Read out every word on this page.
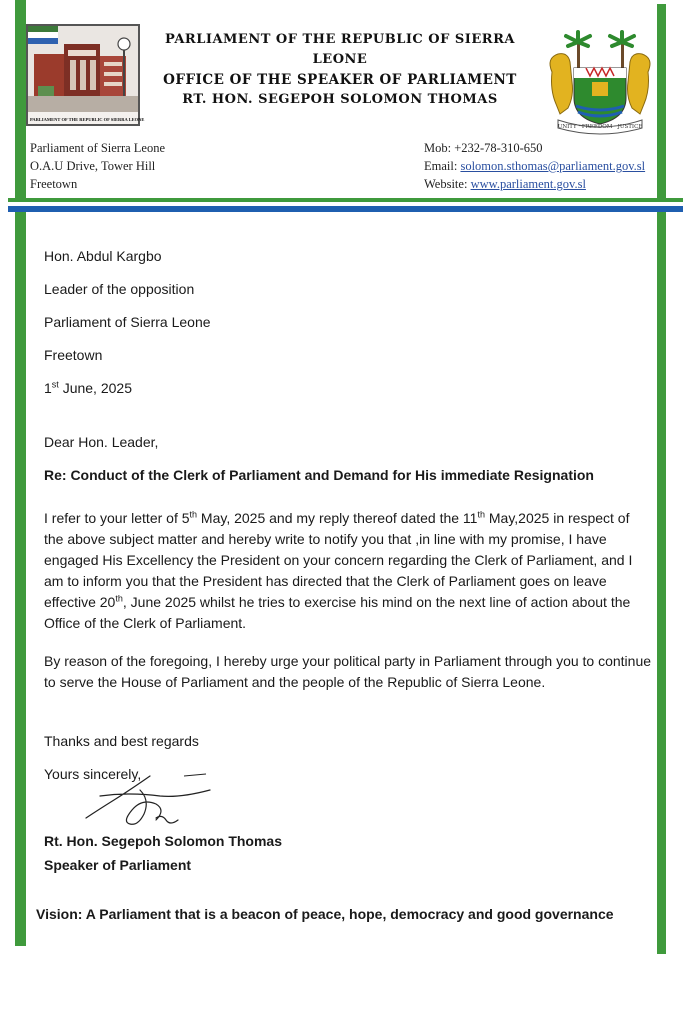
PARLIAMENT OF THE REPUBLIC OF SIERRA LEONE
PARLIAMENT OF THE REPUBLIC OF SIERRA LEONE
OFFICE OF THE SPEAKER OF PARLIAMENT
RT. HON. SEGEPOH SOLOMON THOMAS
UNITY · FREEDOM · JUSTICE
Parliament of Sierra Leone
O.A.U Drive, Tower Hill
Freetown
Mob: +232-78-310-650
Email: solomon.sthomas@parliament.gov.sl
Website: www.parliament.gov.sl
Hon. Abdul Kargbo
Leader of the opposition
Parliament of Sierra Leone
Freetown
1st June, 2025
Dear Hon. Leader,
Re: Conduct of the Clerk of Parliament and Demand for His immediate Resignation
I refer to your letter of 5th May, 2025 and my reply thereof dated the 11th May,2025 in respect of the above subject matter and hereby write to notify you that ,in line with my promise, I have engaged His Excellency the President on your concern regarding the Clerk of Parliament, and I am to inform you that the President has directed that the Clerk of Parliament goes on leave effective 20th, June 2025 whilst he tries to exercise his mind on the next line of action about the Office of the Clerk of Parliament.
By reason of the foregoing, I hereby urge your political party in Parliament through you to continue to serve the House of Parliament and the people of the Republic of Sierra Leone.
Thanks and best regards
Yours sincerely,
Rt. Hon. Segepoh Solomon Thomas
Speaker of Parliament
Vision: A Parliament that is a beacon of peace, hope, democracy and good governance
